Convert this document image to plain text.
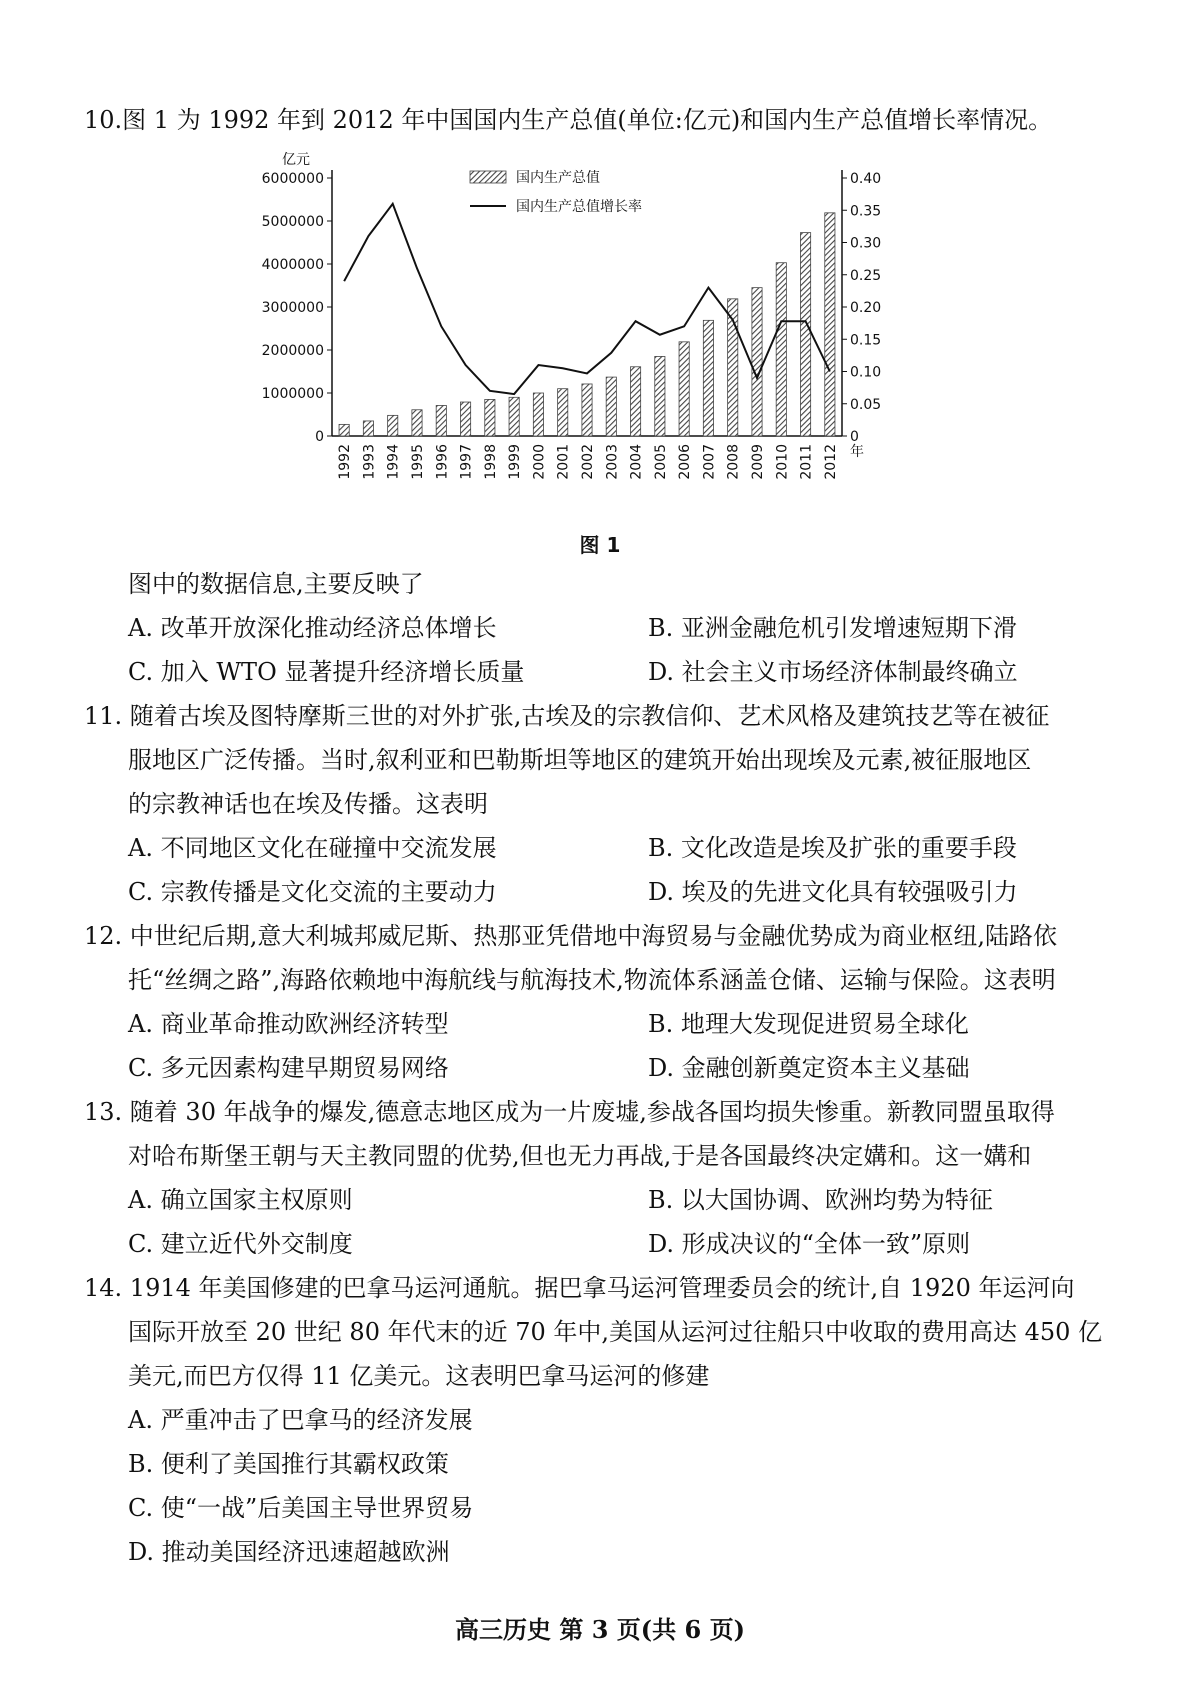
10.图 1 为 1992 年到 2012 年中国国内生产总值(单位:亿元)和国内生产总值增长率情况。
亿元
6000000
5000000
4000000
3000000
2000000
1000000
0
0.40
0.35
0.30
0.25
0.20
0.15
0.10
0.05
0
1992 1993 1994 1995 1996 1997 1998 1999 2000 2001 2002 2003 2004 2005 2006 2007 2008 2009 2010 2011 2012 年
国内生产总值
国内生产总值增长率
图 1
图中的数据信息,主要反映了
A. 改革开放深化推动经济总体增长	B. 亚洲金融危机引发增速短期下滑
C. 加入 WTO 显著提升经济增长质量	D. 社会主义市场经济体制最终确立
11. 随着古埃及图特摩斯三世的对外扩张,古埃及的宗教信仰、艺术风格及建筑技艺等在被征
服地区广泛传播。当时,叙利亚和巴勒斯坦等地区的建筑开始出现埃及元素,被征服地区
的宗教神话也在埃及传播。这表明
A. 不同地区文化在碰撞中交流发展	B. 文化改造是埃及扩张的重要手段
C. 宗教传播是文化交流的主要动力	D. 埃及的先进文化具有较强吸引力
12. 中世纪后期,意大利城邦威尼斯、热那亚凭借地中海贸易与金融优势成为商业枢纽,陆路依
托“丝绸之路”,海路依赖地中海航线与航海技术,物流体系涵盖仓储、运输与保险。这表明
A. 商业革命推动欧洲经济转型	B. 地理大发现促进贸易全球化
C. 多元因素构建早期贸易网络	D. 金融创新奠定资本主义基础
13. 随着 30 年战争的爆发,德意志地区成为一片废墟,参战各国均损失惨重。新教同盟虽取得
对哈布斯堡王朝与天主教同盟的优势,但也无力再战,于是各国最终决定媾和。这一媾和
A. 确立国家主权原则	B. 以大国协调、欧洲均势为特征
C. 建立近代外交制度	D. 形成决议的“全体一致”原则
14. 1914 年美国修建的巴拿马运河通航。据巴拿马运河管理委员会的统计,自 1920 年运河向
国际开放至 20 世纪 80 年代末的近 70 年中,美国从运河过往船只中收取的费用高达 450 亿
美元,而巴方仅得 11 亿美元。这表明巴拿马运河的修建
A. 严重冲击了巴拿马的经济发展
B. 便利了美国推行其霸权政策
C. 使“一战”后美国主导世界贸易
D. 推动美国经济迅速超越欧洲
高三历史 第 3 页(共 6 页)
